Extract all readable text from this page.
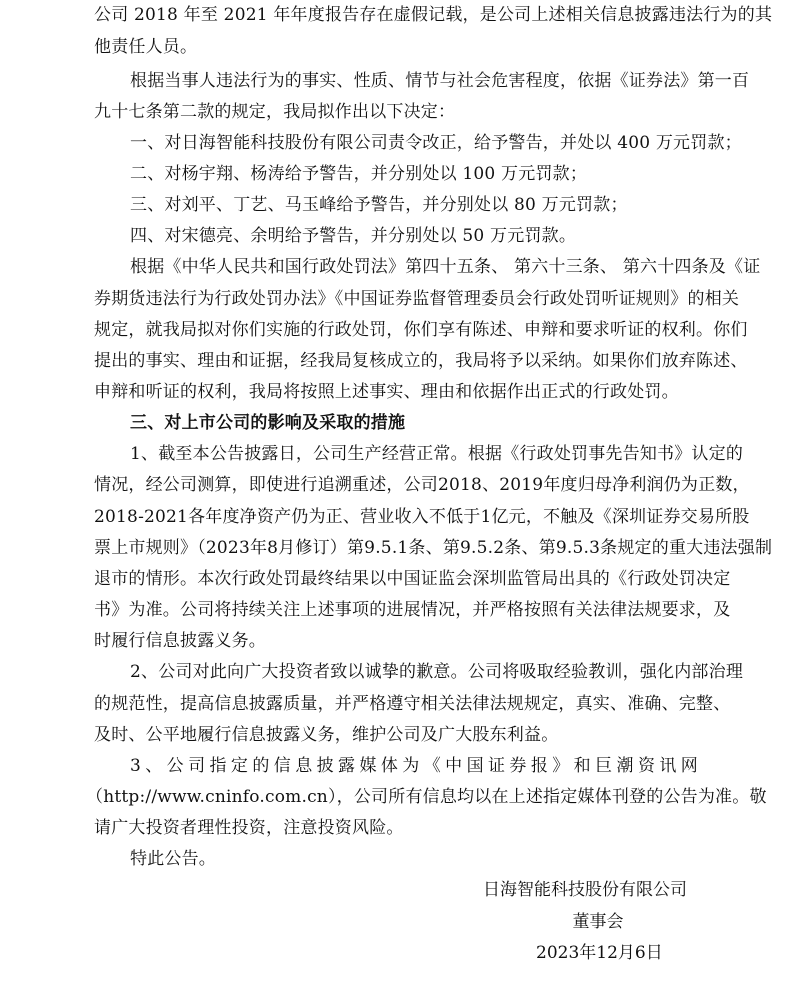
公司 2018 年至 2021 年年度报告存在虚假记载，是公司上述相关信息披露违法行为的其
他责任人员。
根据当事人违法行为的事实、性质、情节与社会危害程度，依据《证券法》第一百
九十七条第二款的规定，我局拟作出以下决定：
一、对日海智能科技股份有限公司责令改正，给予警告，并处以 400 万元罚款；
二、对杨宇翔、杨涛给予警告，并分别处以 100 万元罚款；
三、对刘平、丁艺、马玉峰给予警告，并分别处以 80 万元罚款；
四、对宋德亮、余明给予警告，并分别处以 50 万元罚款。
根据《中华人民共和国行政处罚法》第四十五条、 第六十三条、 第六十四条及《证
券期货违法行为行政处罚办法》《中国证券监督管理委员会行政处罚听证规则》的相关
规定，就我局拟对你们实施的行政处罚，你们享有陈述、申辩和要求听证的权利。你们
提出的事实、理由和证据，经我局复核成立的，我局将予以采纳。如果你们放弃陈述、
申辩和听证的权利，我局将按照上述事实、理由和依据作出正式的行政处罚。
三、对上市公司的影响及采取的措施
1、截至本公告披露日，公司生产经营正常。根据《行政处罚事先告知书》认定的
情况，经公司测算，即使进行追溯重述，公司2018、2019年度归母净利润仍为正数，
2018-2021各年度净资产仍为正、营业收入不低于1亿元，不触及《深圳证券交易所股
票上市规则》（2023年8月修订）第9.5.1条、第9.5.2条、第9.5.3条规定的重大违法强制
退市的情形。本次行政处罚最终结果以中国证监会深圳监管局出具的《行政处罚决定
书》为准。公司将持续关注上述事项的进展情况，并严格按照有关法律法规要求，及
时履行信息披露义务。
2、公司对此向广大投资者致以诚挚的歉意。公司将吸取经验教训，强化内部治理
的规范性，提高信息披露质量，并严格遵守相关法律法规规定，真实、准确、完整、
及时、公平地履行信息披露义务，维护公司及广大股东利益。
3、公司指定的信息披露媒体为《中国证券报》和巨潮资讯网
（http://www.cninfo.com.cn），公司所有信息均以在上述指定媒体刊登的公告为准。敬
请广大投资者理性投资，注意投资风险。
特此公告。
日海智能科技股份有限公司
董事会
2023年12月6日
